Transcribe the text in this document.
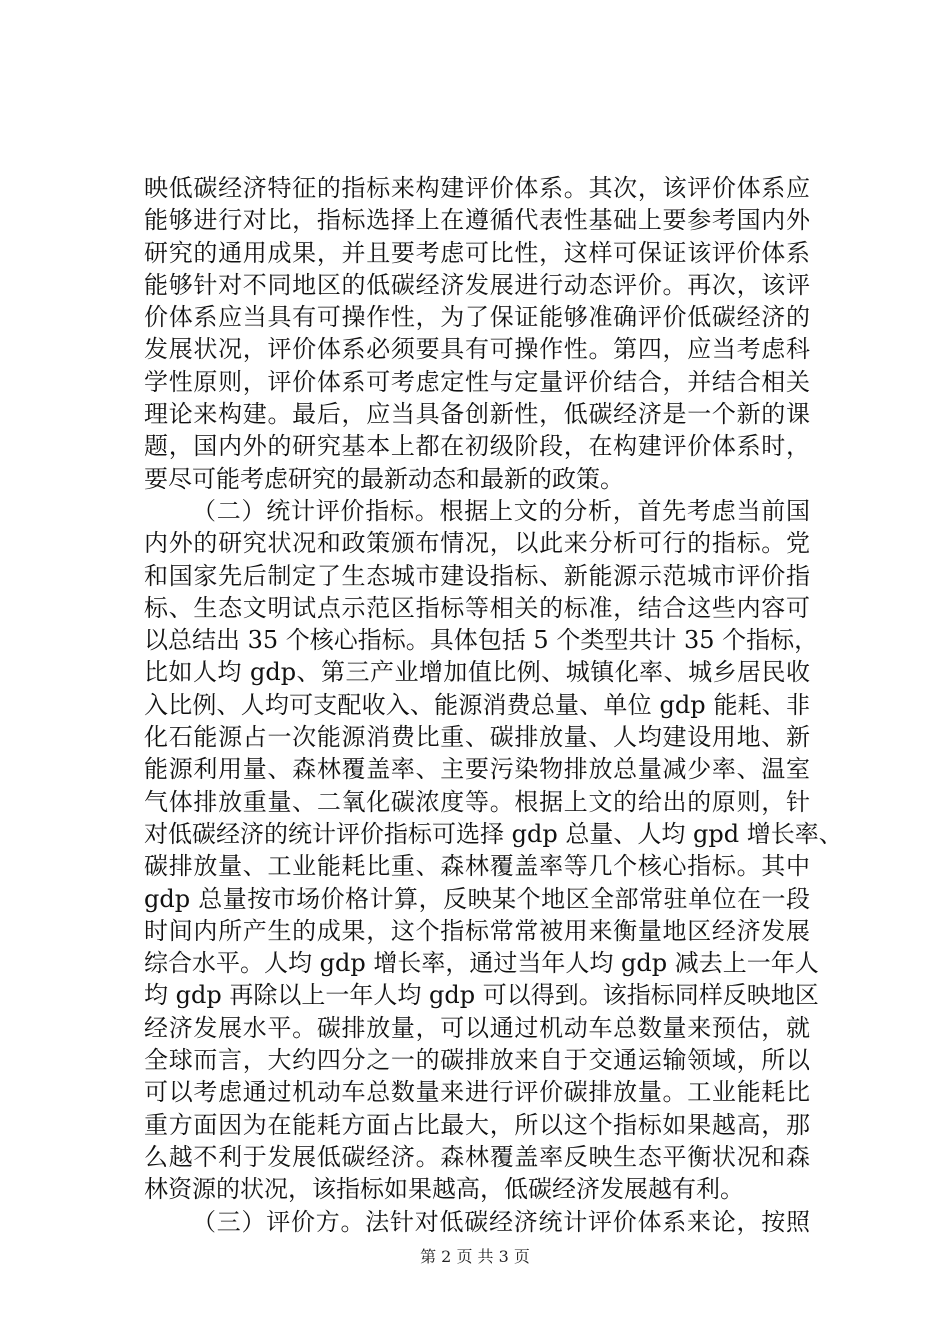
映低碳经济特征的指标来构建评价体系。其次，该评价体系应
能够进行对比，指标选择上在遵循代表性基础上要参考国内外
研究的通用成果，并且要考虑可比性，这样可保证该评价体系
能够针对不同地区的低碳经济发展进行动态评价。再次，该评
价体系应当具有可操作性，为了保证能够准确评价低碳经济的
发展状况，评价体系必须要具有可操作性。第四，应当考虑科
学性原则，评价体系可考虑定性与定量评价结合，并结合相关
理论来构建。最后，应当具备创新性，低碳经济是一个新的课
题，国内外的研究基本上都在初级阶段，在构建评价体系时，
要尽可能考虑研究的最新动态和最新的政策。
（二）统计评价指标。根据上文的分析，首先考虑当前国
内外的研究状况和政策颁布情况，以此来分析可行的指标。党
和国家先后制定了生态城市建设指标、新能源示范城市评价指
标、生态文明试点示范区指标等相关的标准，结合这些内容可
以总结出 35 个核心指标。具体包括 5 个类型共计 35 个指标，
比如人均 gdp、第三产业增加值比例、城镇化率、城乡居民收
入比例、人均可支配收入、能源消费总量、单位 gdp 能耗、非
化石能源占一次能源消费比重、碳排放量、人均建设用地、新
能源利用量、森林覆盖率、主要污染物排放总量减少率、温室
气体排放重量、二氧化碳浓度等。根据上文的给出的原则，针
对低碳经济的统计评价指标可选择 gdp 总量、人均 gpd 增长率、
碳排放量、工业能耗比重、森林覆盖率等几个核心指标。其中
gdp 总量按市场价格计算，反映某个地区全部常驻单位在一段
时间内所产生的成果，这个指标常常被用来衡量地区经济发展
综合水平。人均 gdp 增长率，通过当年人均 gdp 减去上一年人
均 gdp 再除以上一年人均 gdp 可以得到。该指标同样反映地区
经济发展水平。碳排放量，可以通过机动车总数量来预估，就
全球而言，大约四分之一的碳排放来自于交通运输领域，所以
可以考虑通过机动车总数量来进行评价碳排放量。工业能耗比
重方面因为在能耗方面占比最大，所以这个指标如果越高，那
么越不利于发展低碳经济。森林覆盖率反映生态平衡状况和森
林资源的状况，该指标如果越高，低碳经济发展越有利。
（三）评价方。法针对低碳经济统计评价体系来论，按照
第 2 页 共 3 页
